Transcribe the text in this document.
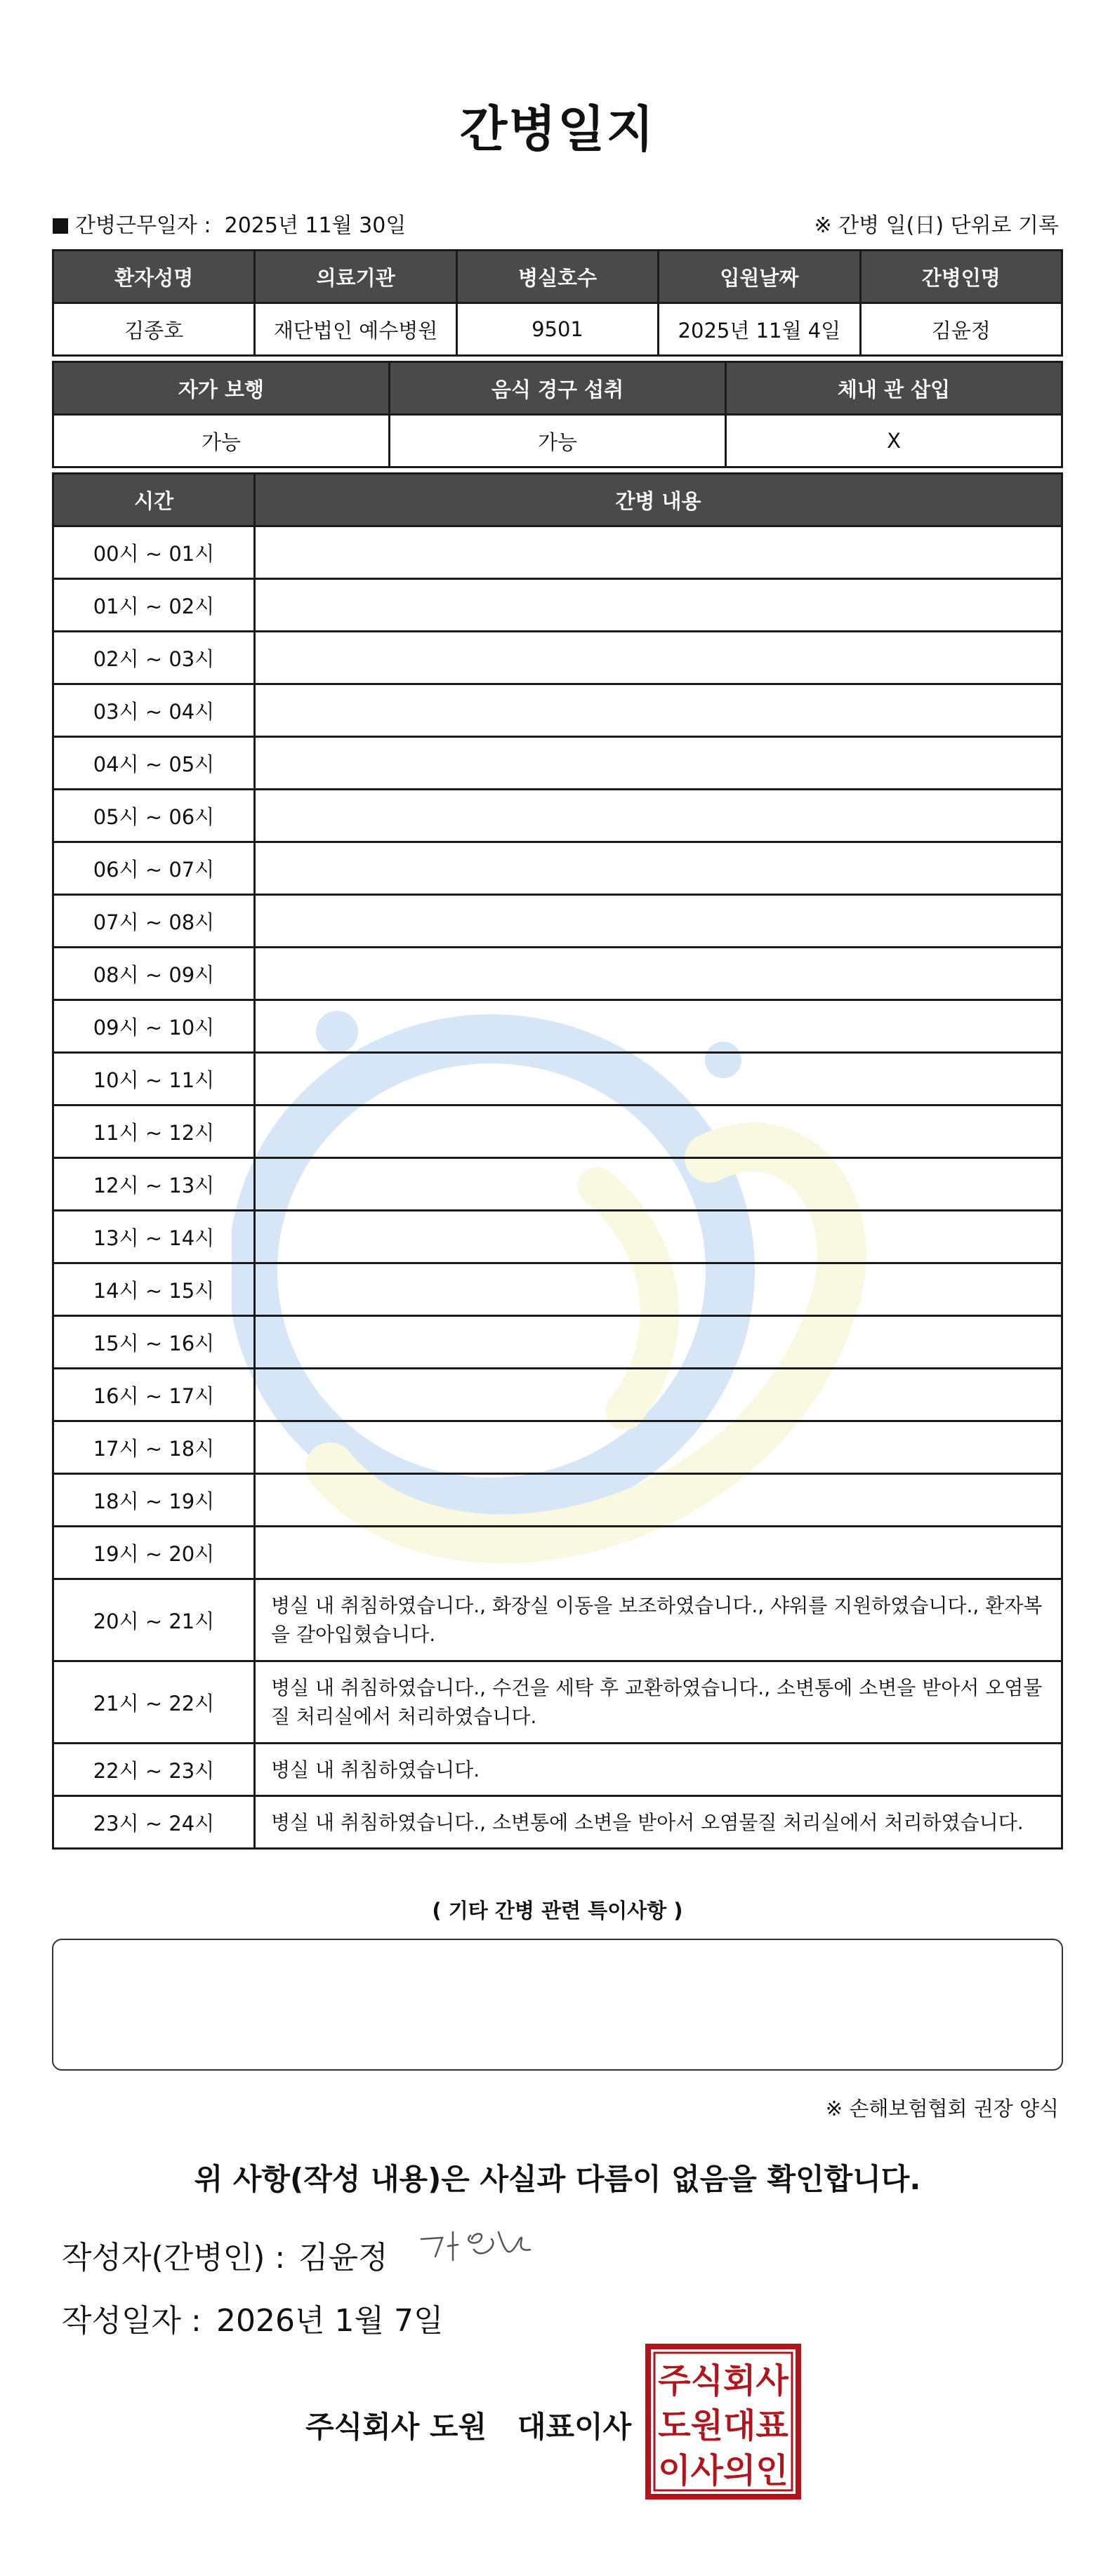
간병일지
간병근무일자 : 2025년 11월 30일	※ 간병 일(日) 단위로 기록
환자성명	의료기관	병실호수	입원날짜	간병인명
김종호	재단법인 예수병원	9501	2025년 11월 4일	김윤정
자가 보행	음식 경구 섭취	체내 관 삽입
가능	가능	X
시간	간병 내용
00시 ~ 01시	
01시 ~ 02시	
02시 ~ 03시	
03시 ~ 04시	
04시 ~ 05시	
05시 ~ 06시	
06시 ~ 07시	
07시 ~ 08시	
08시 ~ 09시	
09시 ~ 10시	
10시 ~ 11시	
11시 ~ 12시	
12시 ~ 13시	
13시 ~ 14시	
14시 ~ 15시	
15시 ~ 16시	
16시 ~ 17시	
17시 ~ 18시	
18시 ~ 19시	
19시 ~ 20시	
20시 ~ 21시	병실 내 취침하였습니다., 화장실 이동을 보조하였습니다., 샤워를 지원하였습니다., 환자복을 갈아입혔습니다.
21시 ~ 22시	병실 내 취침하였습니다., 수건을 세탁 후 교환하였습니다., 소변통에 소변을 받아서 오염물질 처리실에서 처리하였습니다.
22시 ~ 23시	병실 내 취침하였습니다.
23시 ~ 24시	병실 내 취침하였습니다., 소변통에 소변을 받아서 오염물질 처리실에서 처리하였습니다.
( 기타 간병 관련 특이사항 )
※ 손해보험협회 권장 양식
위 사항(작성 내용)은 사실과 다름이 없음을 확인합니다.
작성자(간병인) : 김윤정
작성일자 : 2026년 1월 7일
주식회사 도원   대표이사
주식회사
도원대표
이사의인
